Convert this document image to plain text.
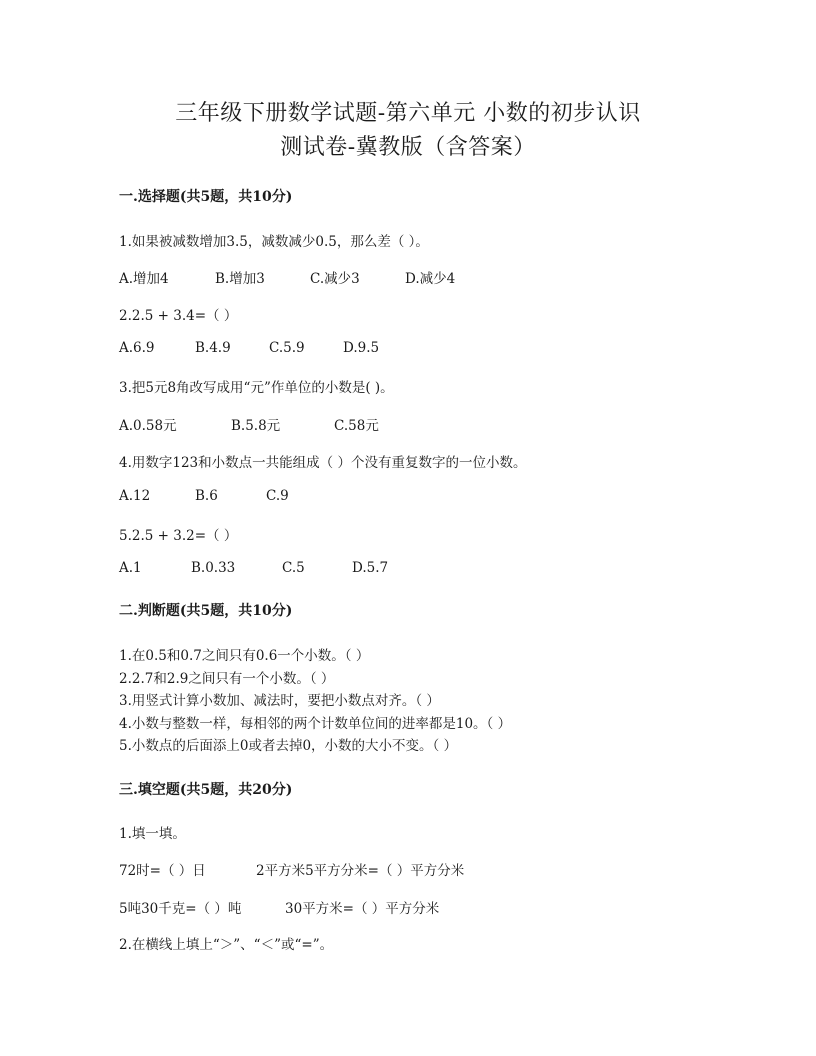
三年级下册数学试题-第六单元 小数的初步认识
测试卷-冀教版（含答案）
一.选择题(共5题，共10分)
1.如果被减数增加3.5，减数减少0.5，那么差（ ）。
A.增加4	B.增加3	C.减少3	D.减少4
2.2.5 + 3.4=（ ）
A.6.9	B.4.9	C.5.9	D.9.5
3.把5元8角改写成用“元”作单位的小数是( )。
A.0.58元	B.5.8元	C.58元
4.用数字123和小数点一共能组成（ ）个没有重复数字的一位小数。
A.12	B.6	C.9
5.2.5 + 3.2=（ ）
A.1	B.0.33	C.5	D.5.7
二.判断题(共5题，共10分)
1.在0.5和0.7之间只有0.6一个小数。（ ）
2.2.7和2.9之间只有一个小数。（ ）
3.用竖式计算小数加、减法时，要把小数点对齐。（ ）
4.小数与整数一样，每相邻的两个计数单位间的进率都是10。（ ）
5.小数点的后面添上0或者去掉0，小数的大小不变。（ ）
三.填空题(共5题，共20分)
1.填一填。
72时=（ ）日	2平方米5平方分米=（ ）平方分米
5吨30千克=（ ）吨	30平方米=（ ）平方分米
2.在横线上填上“＞”、“＜”或“=”。
